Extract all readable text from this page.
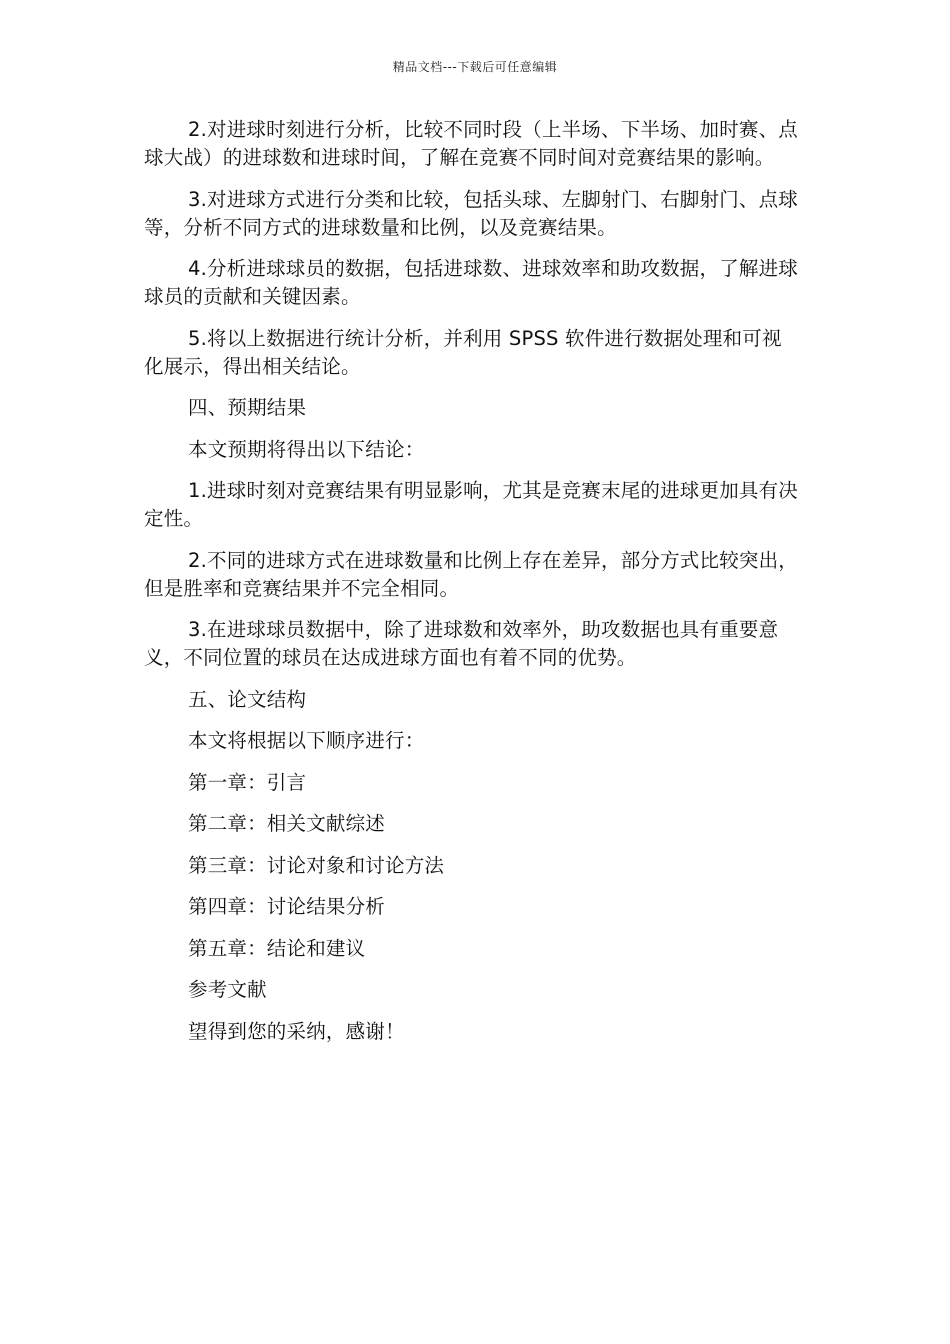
精品文档---下载后可任意编辑

2.对进球时刻进行分析，比较不同时段（上半场、下半场、加时赛、点球大战）的进球数和进球时间，了解在竞赛不同时间对竞赛结果的影响。

3.对进球方式进行分类和比较，包括头球、左脚射门、右脚射门、点球等，分析不同方式的进球数量和比例，以及竞赛结果。

4.分析进球球员的数据，包括进球数、进球效率和助攻数据，了解进球球员的贡献和关键因素。

5.将以上数据进行统计分析，并利用 SPSS 软件进行数据处理和可视化展示，得出相关结论。

四、预期结果

本文预期将得出以下结论：

1.进球时刻对竞赛结果有明显影响，尤其是竞赛末尾的进球更加具有决定性。

2.不同的进球方式在进球数量和比例上存在差异，部分方式比较突出，但是胜率和竞赛结果并不完全相同。

3.在进球球员数据中，除了进球数和效率外，助攻数据也具有重要意义，不同位置的球员在达成进球方面也有着不同的优势。

五、论文结构

本文将根据以下顺序进行：

第一章：引言

第二章：相关文献综述

第三章：讨论对象和讨论方法

第四章：讨论结果分析

第五章：结论和建议

参考文献

望得到您的采纳，感谢！
